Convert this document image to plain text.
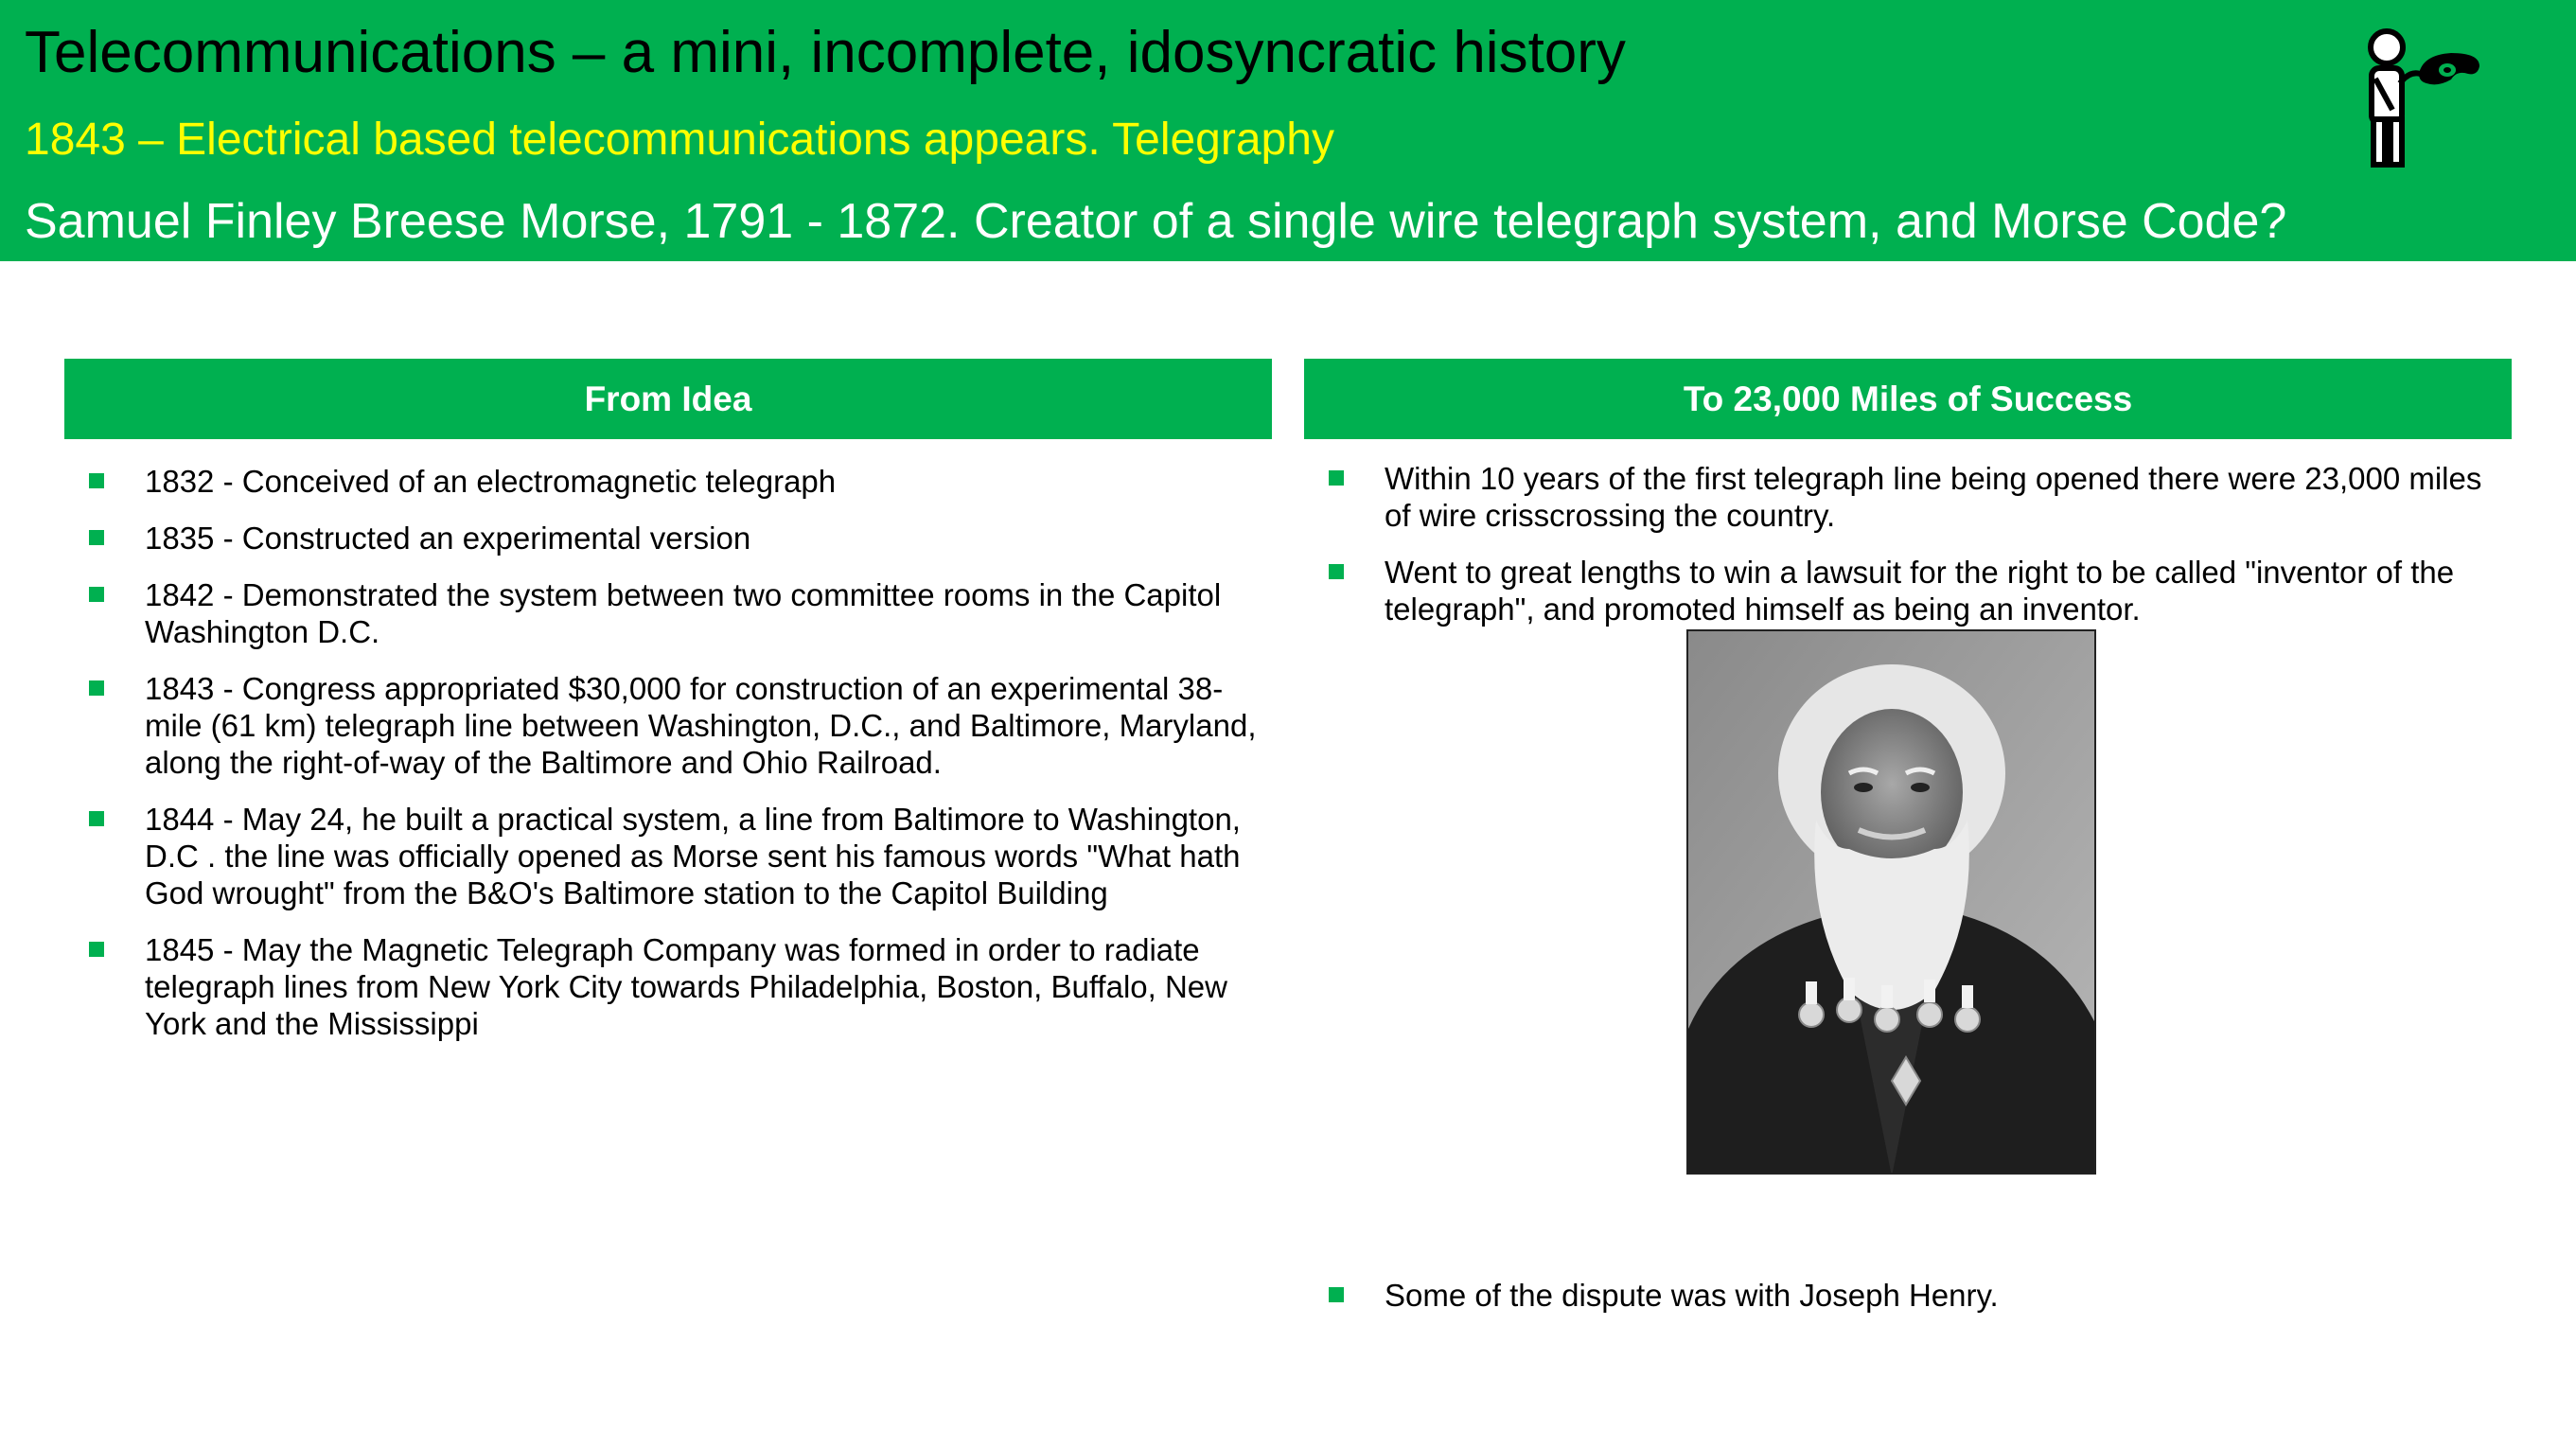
Telecommunications – a mini, incomplete, idosyncratic history
1843 – Electrical based telecommunications appears. Telegraphy
Samuel Finley Breese Morse, 1791 - 1872. Creator of a single wire telegraph system, and Morse Code?
From Idea	To 23,000 Miles of Success
1832 - Conceived of an electromagnetic telegraph
1835 - Constructed an experimental version
1842 - Demonstrated the system between two committee rooms in the Capitol Washington D.C.
1843 - Congress appropriated $30,000 for construction of an experimental 38-mile (61 km) telegraph line between Washington, D.C., and Baltimore, Maryland, along the right-of-way of the Baltimore and Ohio Railroad.
1844 - May 24, he built a practical system, a line from Baltimore to Washington, D.C . the line was officially opened as Morse sent his famous words "What hath God wrought" from the B&O's Baltimore station to the Capitol Building
1845 - May the Magnetic Telegraph Company was formed in order to radiate telegraph lines from New York City towards Philadelphia, Boston, Buffalo, New York and the Mississippi
Within 10 years of the first telegraph line being opened there were 23,000 miles of wire crisscrossing the country.
Went to great lengths to win a lawsuit for the right to be called "inventor of the telegraph", and promoted himself as being an inventor.
Some of the dispute was with Joseph Henry.
